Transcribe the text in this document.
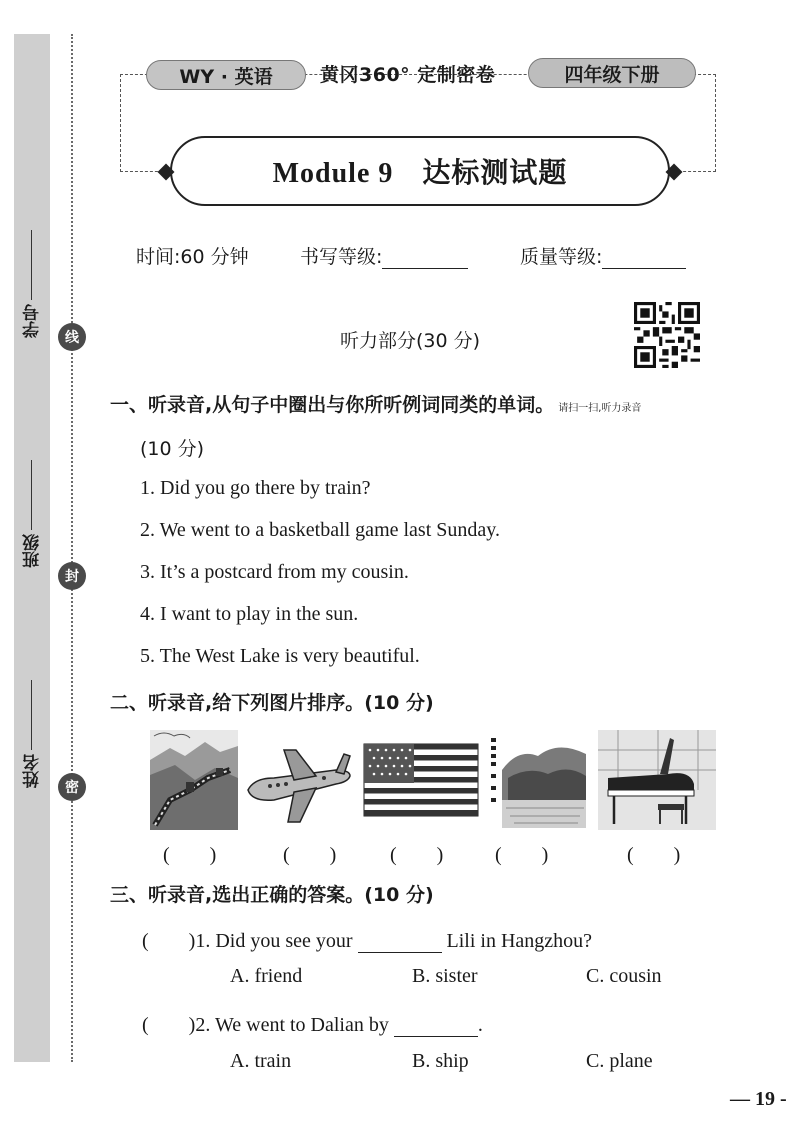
学号
班级
姓名
线
封
密
WY · 英语	黄冈360° 定制密卷	四年级下册
Module 9　达标测试题
时间:60 分钟	书写等级:	质量等级:
听力部分(30 分)
一、听录音,从句子中圈出与你所听例词同类的单词。 请扫一扫,听力录音
(10 分)
1. Did you go there by train?
2. We went to a basketball game last Sunday.
3. It’s a postcard from my cousin.
4. I want to play in the sun.
5. The West Lake is very beautiful.
二、听录音,给下列图片排序。(10 分)
(　　)	(　　)	(　　)	(　　)	(　　)
三、听录音,选出正确的答案。(10 分)
(　　)1. Did you see your	Lili in Hangzhou?
A. friend	B. sister	C. cousin
(　　)2. We went to Dalian by	.
A. train	B. ship	C. plane
— 19 -
